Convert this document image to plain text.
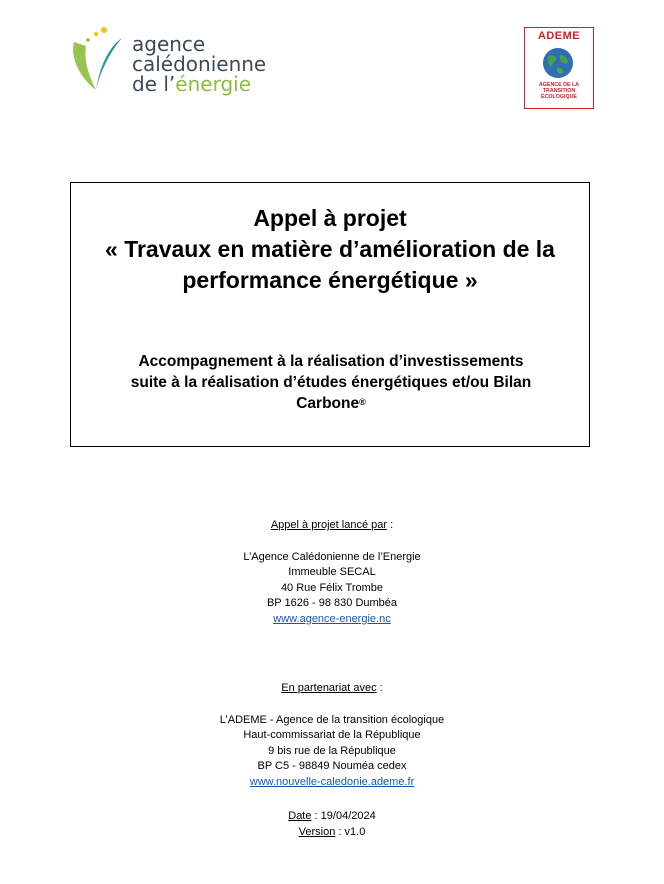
agence
calédonienne
de l’énergie
ADEME
AGENCE DE LA
TRANSITION
ÉCOLOGIQUE
Appel à projet
« Travaux en matière d’amélioration de la
performance énergétique »
Accompagnement à la réalisation d’investissements
suite à la réalisation d’études énergétiques et/ou Bilan
Carbone®
Appel à projet lancé par :
L’Agence Calédonienne de l’Energie
Immeuble SECAL
40 Rue Félix Trombe
BP 1626 - 98 830 Dumbéa
www.agence-energie.nc
En partenariat avec :
L’ADEME - Agence de la transition écologique
Haut-commissariat de la République
9 bis rue de la République
BP C5 - 98849 Nouméa cedex
www.nouvelle-caledonie.ademe.fr
Date : 19/04/2024
Version : v1.0
